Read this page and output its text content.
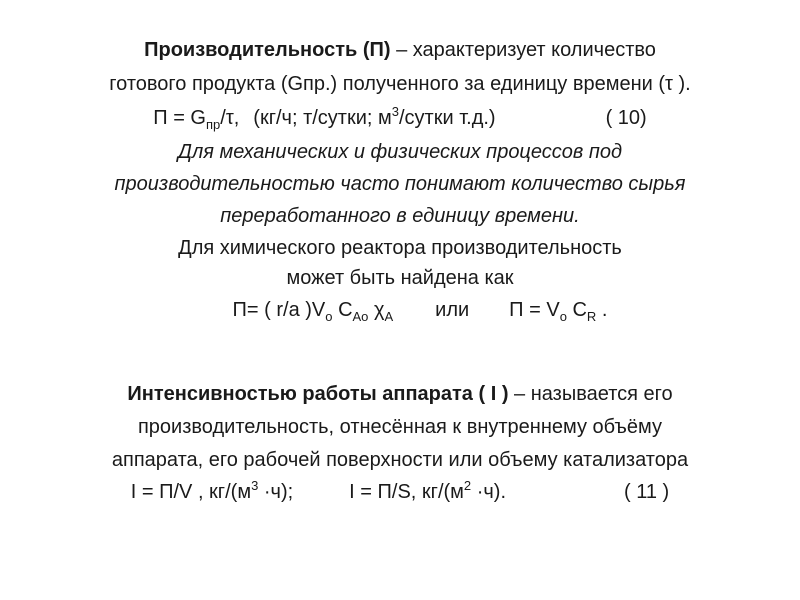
Производительность (П) – характеризует количество
готового продукта (Gпр.) полученного за единицу времени (τ ).
$П = G_{пр}/\tau$, (кг/ч; т/сутки; $м^3$/сутки т.д.)	( 10)
Для механических и физических процессов под
производительностью часто понимают количество сырья
переработанного в единицу времени.
Для химического реактора производительность
может быть найдена как
П= ( r/a )$V_о$ $C_{Ao}$ $\chi_A$ или $П = V_о$ $C_R$ .
Интенсивностью работы аппарата ( I ) – называется его
производительность, отнесённая к внутреннему объёму
аппарата, его рабочей поверхности или объему катализатора
I = П/V , $кг/(м^3 \cdot ч)$;	I = П/S, $кг/(м^2 \cdot ч)$.	( 11 )
